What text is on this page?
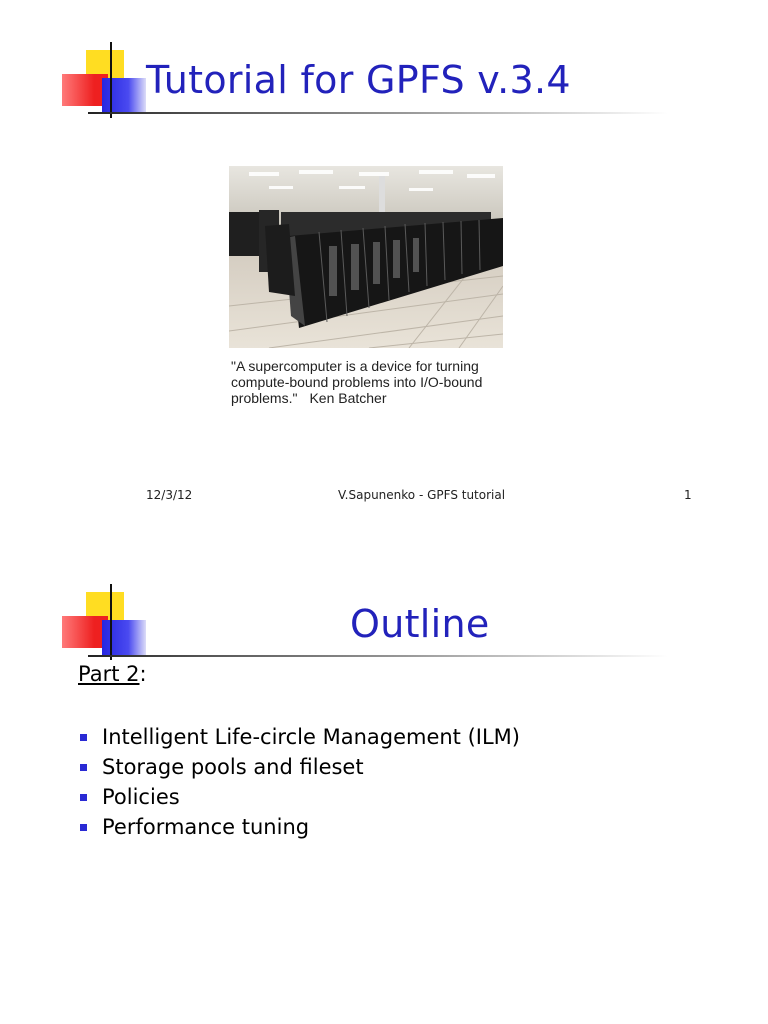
Tutorial for GPFS v.3.4
"A supercomputer is a device for turning compute-bound problems into I/O-bound problems." Ken Batcher
12/3/12	V.Sapunenko - GPFS tutorial	1
Outline
Part 2:
Intelligent Life-circle Management (ILM)
Storage pools and fileset
Policies
Performance tuning
